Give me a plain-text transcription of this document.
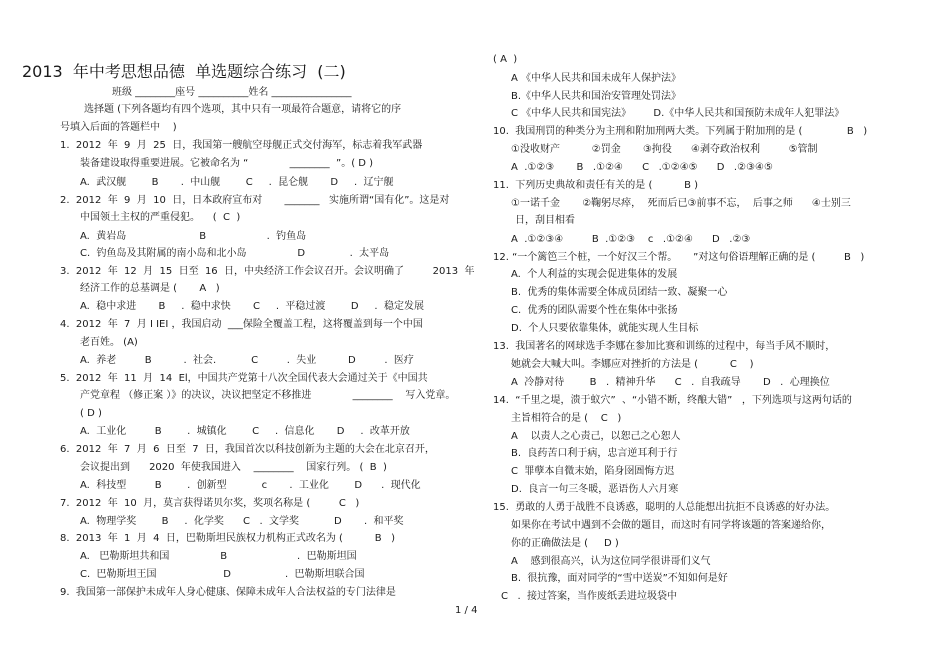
2013  年中考思想品德  单选题综合练习  (二)
班级 ________座号 __________姓名 ________________
选择题 (下列各题均有四个选项，其中只有一项最符合题意，请将它的序
号填入后面的答题栏中    )
1.  2012  年  9  月  25  日，我国第一艘航空母舰正式交付海军，标志着我军武器
装备建设取得重要进展。它被命名为 “             ________  ”。( D )
A.  武汉舰        B       .  中山舰        C     .  昆仑舰       D     .  辽宁舰
2.  2012  年  9  月  10  日，日本政府宣布对       _______   实施所谓“国有化”。这是对
中国领土主权的严重侵犯。    (  C  )
A.  黄岩岛                       B                   .  钓鱼岛
C.  钓鱼岛及其附属的南小岛和北小岛                D              .  太平岛
3.  2012  年  12  月  15  日至  16  日，中央经济工作会议召开。会议明确了         2013  年
经济工作的总基调是 (       A   )
A.  稳中求进       B     .  稳中求快       C     .  平稳过渡        D     .  稳定发展
4.  2012  年  7  月 I IEI ，我国启动  ___保险全覆盖工程，这将覆盖到每一个中国
老百姓。 (A)
A.  养老         B          .  社会.           C         .  失业          D         .  医疗
5.  2012  年  11  月  14  El，中国共产党第十八次全国代表大会通过关于《中国共
产党章程 （修正案 ）》的决议，决议把坚定不移推进             ________    写入党章。
( D )
A.  工业化         B        .  城镇化        C     .  信息化       D     .  改革开放
6.  2012  年  7  月  6  日至  7  日，我国首次以科技创新为主题的大会在北京召开，
会议提出到      2020  年使我国进入    ________    国家行列。 (  B  )
A.  科技型         B        .  创新型           c       .  工业化        D      .  现代化
7.  2012  年  10  月，莫言获得诺贝尔奖，奖项名称是 (         C   )
A.  物理学奖        B     .  化学奖      C   .  文学奖           D       .  和平奖
8.  2013  年  1  月  4  日，巴勒斯坦民族权力机构正式改名为 (          B   )
A.   巴勒斯坦共和国                B                      .  巴勒斯坦国
C.  巴勒斯坦王国                     D                 .  巴勒斯坦联合国
9.  我国第一部保护未成年人身心健康、保障未成年人合法权益的专门法律是
( A  )
A 《中华人民共和国未成年人保护法》
B.《中华人民共和国治安管理处罚法》
C 《中华人民共和国宪法》       D.《中华人民共和国预防未成年人犯罪法》
10.  我国刑罚的种类分为主刑和附加刑两大类。下列属于附加刑的是 (              B   )
①没收财产          ②罚金       ③拘役      ④剥夺政治权利         ⑤管制
A  .①②③       B   .①②④      C   .①②④⑤      D   .②③④⑤
11.  下列历史典故和责任有关的是 (          B )
①一诺千金       ②鞠躬尽瘁，  死而后已③前事不忘，  后事之师      ④士别三
日，刮目相看
A  .①②③④         B  .①②③    c   .①②④      D   .②③
12. “一个篱笆三个桩，一个好汉三个帮。     ”对这句俗语理解正确的是 (         B   )
A.  个人利益的实现会促进集体的发展
B.  优秀的集体需要全体成员团结一致、凝聚一心
C.  优秀的团队需要个性在集体中张扬
D.  个人只要依靠集体，就能实现人生目标
13.  我国著名的网球选手李娜在参加比赛和训练的过程中，每当手风不顺时，
她就会大喊大叫。李娜应对挫折的方法是 (          C    )
A  冷静对待        B   .  精神升华      C   .  自我疏导       D   .  心理换位
14.  “千里之堤，溃于蚁穴”  、“小错不断，终酿大错”   ，下列选项与这两句话的
主旨相符合的是 (    C   )
A    以责人之心责己，以恕己之心恕人
B.  良药苦口利于病，忠言逆耳利于行
C  罪孽本自微末始，陷身囹圄悔方迟
D.  良言一句三冬暖，恶语伤人六月寒
15.  勇敢的人勇于战胜不良诱惑，聪明的人总能想出抗拒不良诱惑的好办法。
如果你在考试中遇到不会做的题目，而这时有同学将该题的答案递给你，
你的正确做法是 (     D )
A    感到很高兴，认为这位同学很讲哥们义气
B.  很抗豫，面对同学的“雪中送炭”不知如何是好
C   .  接过答案，当作废纸丢进垃圾袋中
1 / 4
